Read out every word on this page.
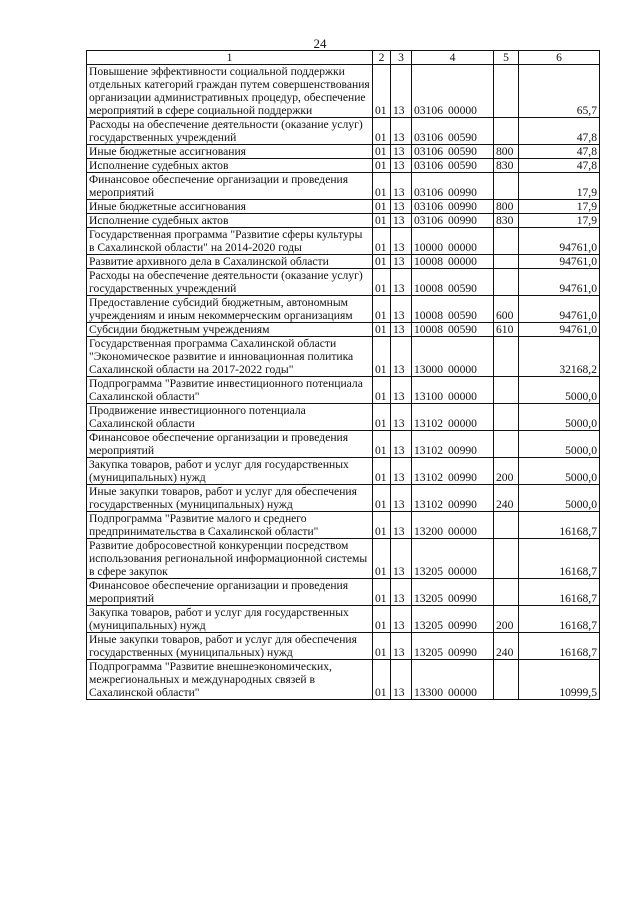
24
1	2	3	4	5	6
Повышение эффективности социальной поддержки отдельных категорий граждан путем совершенствования организации административных процедур, обеспечение мероприятий в сфере социальной поддержки	01	13	03106 00000		65,7
Расходы на обеспечение деятельности (оказание услуг) государственных учреждений	01	13	03106 00590		47,8
Иные бюджетные ассигнования	01	13	03106 00590	800	47,8
Исполнение судебных актов	01	13	03106 00590	830	47,8
Финансовое обеспечение организации и проведения мероприятий	01	13	03106 00990		17,9
Иные бюджетные ассигнования	01	13	03106 00990	800	17,9
Исполнение судебных актов	01	13	03106 00990	830	17,9
Государственная программа "Развитие сферы культуры в Сахалинской области" на 2014-2020 годы	01	13	10000 00000		94761,0
Развитие архивного дела в Сахалинской области	01	13	10008 00000		94761,0
Расходы на обеспечение деятельности (оказание услуг) государственных учреждений	01	13	10008 00590		94761,0
Предоставление субсидий бюджетным, автономным учреждениям и иным некоммерческим организациям	01	13	10008 00590	600	94761,0
Субсидии бюджетным учреждениям	01	13	10008 00590	610	94761,0
Государственная программа Сахалинской области "Экономическое развитие и инновационная политика Сахалинской области на 2017-2022 годы"	01	13	13000 00000		32168,2
Подпрограмма "Развитие инвестиционного потенциала Сахалинской области"	01	13	13100 00000		5000,0
Продвижение инвестиционного потенциала Сахалинской области	01	13	13102 00000		5000,0
Финансовое обеспечение организации и проведения мероприятий	01	13	13102 00990		5000,0
Закупка товаров, работ и услуг для государственных (муниципальных) нужд	01	13	13102 00990	200	5000,0
Иные закупки товаров, работ и услуг для обеспечения государственных (муниципальных) нужд	01	13	13102 00990	240	5000,0
Подпрограмма "Развитие малого и среднего предпринимательства в Сахалинской области"	01	13	13200 00000		16168,7
Развитие добросовестной конкуренции посредством использования региональной информационной системы в сфере закупок	01	13	13205 00000		16168,7
Финансовое обеспечение организации и проведения мероприятий	01	13	13205 00990		16168,7
Закупка товаров, работ и услуг для государственных (муниципальных) нужд	01	13	13205 00990	200	16168,7
Иные закупки товаров, работ и услуг для обеспечения государственных (муниципальных) нужд	01	13	13205 00990	240	16168,7
Подпрограмма "Развитие внешнеэкономических, межрегиональных и международных связей в Сахалинской области"	01	13	13300 00000		10999,5
